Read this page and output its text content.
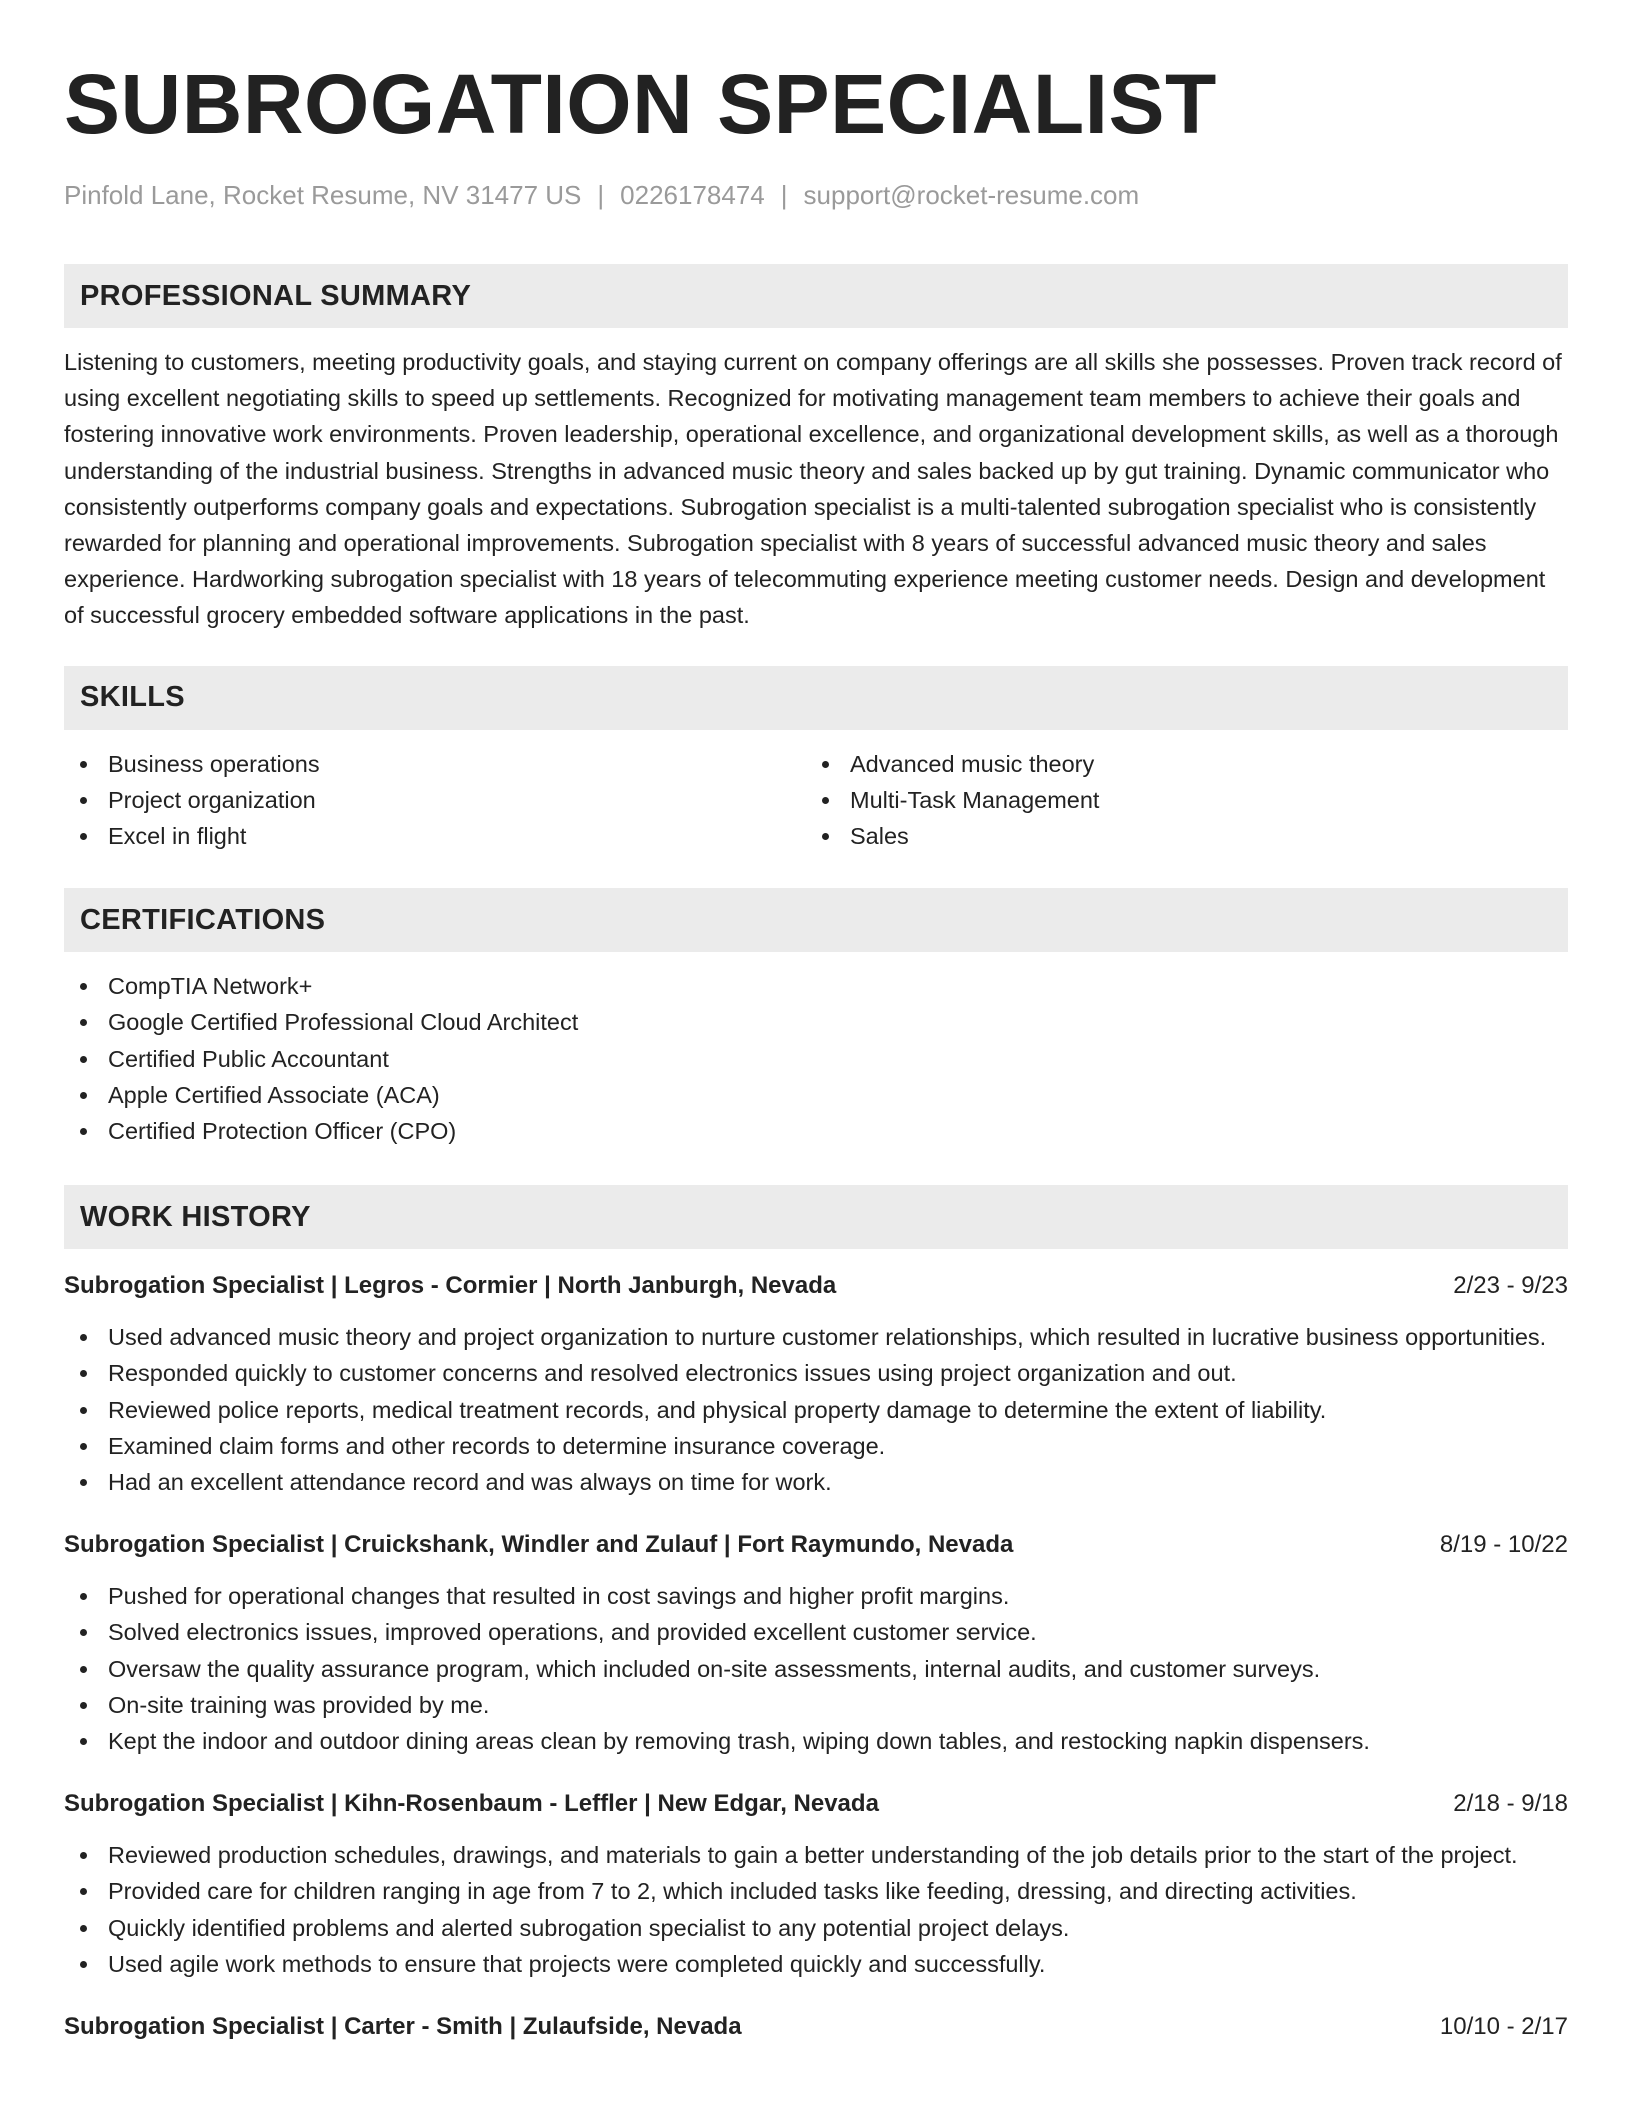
SUBROGATION SPECIALIST
Pinfold Lane, Rocket Resume, NV 31477 US | 0226178474 | support@rocket-resume.com
PROFESSIONAL SUMMARY

Listening to customers, meeting productivity goals, and staying current on company offerings are all skills she possesses. Proven track record of using excellent negotiating skills to speed up settlements. Recognized for motivating management team members to achieve their goals and fostering innovative work environments. Proven leadership, operational excellence, and organizational development skills, as well as a thorough understanding of the industrial business. Strengths in advanced music theory and sales backed up by gut training. Dynamic communicator who consistently outperforms company goals and expectations. Subrogation specialist is a multi-talented subrogation specialist who is consistently rewarded for planning and operational improvements. Subrogation specialist with 8 years of successful advanced music theory and sales experience. Hardworking subrogation specialist with 18 years of telecommuting experience meeting customer needs. Design and development of successful grocery embedded software applications in the past.

SKILLS
Business operations
Project organization
Excel in flight
Advanced music theory
Multi-Task Management
Sales
CERTIFICATIONS
CompTIA Network+
Google Certified Professional Cloud Architect
Certified Public Accountant
Apple Certified Associate (ACA)
Certified Protection Officer (CPO)
WORK HISTORY
Subrogation Specialist | Legros - Cormier | North Janburgh, Nevada	2/23 - 9/23
Used advanced music theory and project organization to nurture customer relationships, which resulted in lucrative business opportunities.
Responded quickly to customer concerns and resolved electronics issues using project organization and out.
Reviewed police reports, medical treatment records, and physical property damage to determine the extent of liability.
Examined claim forms and other records to determine insurance coverage.
Had an excellent attendance record and was always on time for work.
Subrogation Specialist | Cruickshank, Windler and Zulauf | Fort Raymundo, Nevada	8/19 - 10/22
Pushed for operational changes that resulted in cost savings and higher profit margins.
Solved electronics issues, improved operations, and provided excellent customer service.
Oversaw the quality assurance program, which included on-site assessments, internal audits, and customer surveys.
On-site training was provided by me.
Kept the indoor and outdoor dining areas clean by removing trash, wiping down tables, and restocking napkin dispensers.
Subrogation Specialist | Kihn-Rosenbaum - Leffler | New Edgar, Nevada	2/18 - 9/18
Reviewed production schedules, drawings, and materials to gain a better understanding of the job details prior to the start of the project.
Provided care for children ranging in age from 7 to 2, which included tasks like feeding, dressing, and directing activities.
Quickly identified problems and alerted subrogation specialist to any potential project delays.
Used agile work methods to ensure that projects were completed quickly and successfully.
Subrogation Specialist | Carter - Smith | Zulaufside, Nevada	10/10 - 2/17
